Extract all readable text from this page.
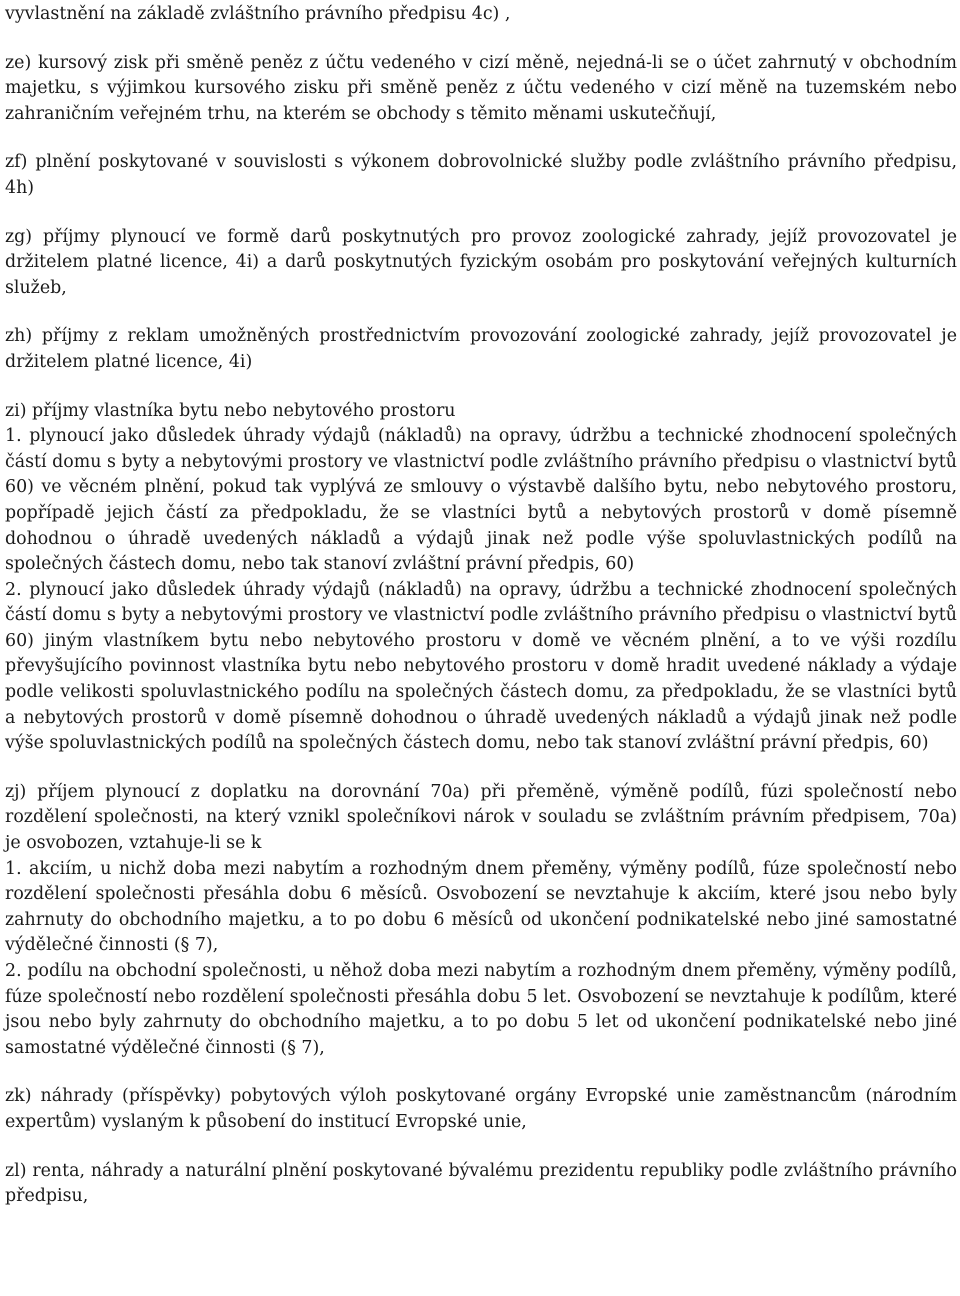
vyvlastnění na základě zvláštního právního předpisu 4c) ,

ze) kursový zisk při směně peněz z účtu vedeného v cizí měně, nejedná-li se o účet zahrnutý v obchodním majetku, s výjimkou kursového zisku při směně peněz z účtu vedeného v cizí měně na tuzemském nebo zahraničním veřejném trhu, na kterém se obchody s těmito měnami uskutečňují,

zf) plnění poskytované v souvislosti s výkonem dobrovolnické služby podle zvláštního právního předpisu, 4h)

zg) příjmy plynoucí ve formě darů poskytnutých pro provoz zoologické zahrady, jejíž provozovatel je držitelem platné licence, 4i) a darů poskytnutých fyzickým osobám pro poskytování veřejných kulturních služeb,

zh) příjmy z reklam umožněných prostřednictvím provozování zoologické zahrady, jejíž provozovatel je držitelem platné licence, 4i)

zi) příjmy vlastníka bytu nebo nebytového prostoru

1. plynoucí jako důsledek úhrady výdajů (nákladů) na opravy, údržbu a technické zhodnocení společných částí domu s byty a nebytovými prostory ve vlastnictví podle zvláštního právního předpisu o vlastnictví bytů 60) ve věcném plnění, pokud tak vyplývá ze smlouvy o výstavbě dalšího bytu, nebo nebytového prostoru, popřípadě jejich částí za předpokladu, že se vlastníci bytů a nebytových prostorů v domě písemně dohodnou o úhradě uvedených nákladů a výdajů jinak než podle výše spoluvlastnických podílů na společných částech domu, nebo tak stanoví zvláštní právní předpis, 60)

2. plynoucí jako důsledek úhrady výdajů (nákladů) na opravy, údržbu a technické zhodnocení společných částí domu s byty a nebytovými prostory ve vlastnictví podle zvláštního právního předpisu o vlastnictví bytů 60) jiným vlastníkem bytu nebo nebytového prostoru v domě ve věcném plnění, a to ve výši rozdílu převyšujícího povinnost vlastníka bytu nebo nebytového prostoru v domě hradit uvedené náklady a výdaje podle velikosti spoluvlastnického podílu na společných částech domu, za předpokladu, že se vlastníci bytů a nebytových prostorů v domě písemně dohodnou o úhradě uvedených nákladů a výdajů jinak než podle výše spoluvlastnických podílů na společných částech domu, nebo tak stanoví zvláštní právní předpis, 60)

zj) příjem plynoucí z doplatku na dorovnání 70a) při přeměně, výměně podílů, fúzi společností nebo rozdělení společnosti, na který vznikl společníkovi nárok v souladu se zvláštním právním předpisem, 70a) je osvobozen, vztahuje-li se k

1. akciím, u nichž doba mezi nabytím a rozhodným dnem přeměny, výměny podílů, fúze společností nebo rozdělení společnosti přesáhla dobu 6 měsíců. Osvobození se nevztahuje k akciím, které jsou nebo byly zahrnuty do obchodního majetku, a to po dobu 6 měsíců od ukončení podnikatelské nebo jiné samostatné výdělečné činnosti (§ 7),

2. podílu na obchodní společnosti, u něhož doba mezi nabytím a rozhodným dnem přeměny, výměny podílů, fúze společností nebo rozdělení společnosti přesáhla dobu 5 let. Osvobození se nevztahuje k podílům, které jsou nebo byly zahrnuty do obchodního majetku, a to po dobu 5 let od ukončení podnikatelské nebo jiné samostatné výdělečné činnosti (§ 7),

zk) náhrady (příspěvky) pobytových výloh poskytované orgány Evropské unie zaměstnancům (národním expertům) vyslaným k působení do institucí Evropské unie,

zl) renta, náhrady a naturální plnění poskytované bývalému prezidentu republiky podle zvláštního právního předpisu,
